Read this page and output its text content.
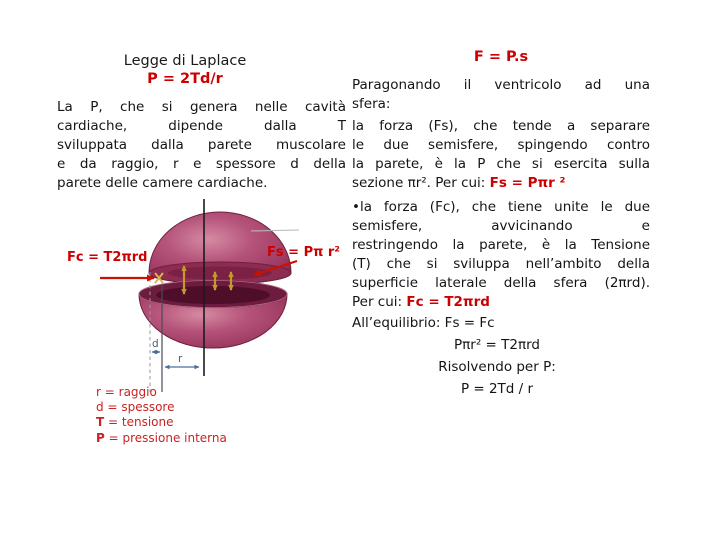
Legge di Laplace
P = 2Td/r
La P, che si genera nelle cavità
cardiache, dipende dalla T
sviluppata dalla parete muscolare
e da raggio, r e spessore d della
parete delle camere cardiache.
d
r
Fc = T2πrd	Fs = Pπ r²
r = raggio
d = spessore
T = tensione
P = pressione interna
F = P.s
Paragonando il ventricolo ad una
sfera:
la forza (Fs), che tende a separare
le due semisfere, spingendo contro
la parete, è la P che si esercita sulla
sezione πr². Per cui: Fs = Pπr ²
•la forza (Fc), che tiene unite le due
semisfere, avvicinando e
restringendo la parete, è la Tensione
(T) che si sviluppa nell’ambito della
superficie laterale della sfera (2πrd).
Per cui: Fc = T2πrd
All’equilibrio: Fs = Fc
Pπr² = T2πrd
Risolvendo per P:
P = 2Td / r
